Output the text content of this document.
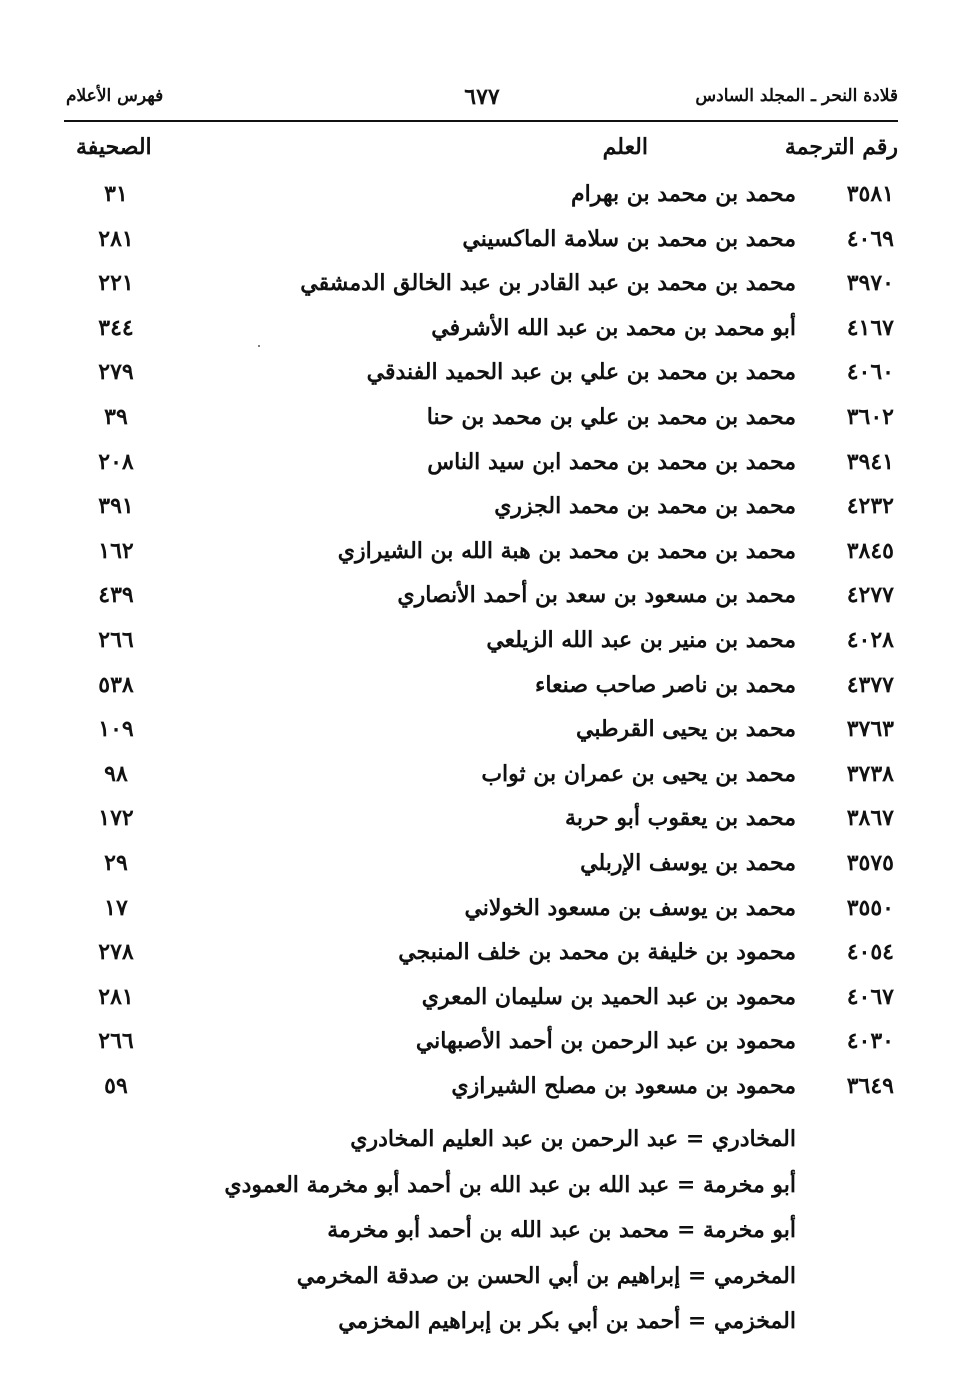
قلادة النحر ـ المجلد السادس
٦٧٧
فهرس الأعلام
رقم الترجمة
العلم
الصحيفة
٣٥٨١
محمد بن محمد بن بهرام
٣١
٤٠٦٩
محمد بن محمد بن سلامة الماكسيني
٢٨١
٣٩٧٠
محمد بن محمد بن عبد القادر بن عبد الخالق الدمشقي
٢٢١
٤١٦٧
أبو محمد بن محمد بن عبد الله الأشرفي
٣٤٤
٤٠٦٠
محمد بن محمد بن علي بن عبد الحميد الفندقي
٢٧٩
٣٦٠٢
محمد بن محمد بن علي بن محمد بن حنا
٣٩
٣٩٤١
محمد بن محمد بن محمد ابن سيد الناس
٢٠٨
٤٢٣٢
محمد بن محمد بن محمد الجزري
٣٩١
٣٨٤٥
محمد بن محمد بن محمد بن هبة الله بن الشيرازي
١٦٢
٤٢٧٧
محمد بن مسعود بن سعد بن أحمد الأنصاري
٤٣٩
٤٠٢٨
محمد بن منير بن عبد الله الزيلعي
٢٦٦
٤٣٧٧
محمد بن ناصر صاحب صنعاء
٥٣٨
٣٧٦٣
محمد بن يحيى القرطبي
١٠٩
٣٧٣٨
محمد بن يحيى بن عمران بن ثواب
٩٨
٣٨٦٧
محمد بن يعقوب أبو حربة
١٧٢
٣٥٧٥
محمد بن يوسف الإربلي
٢٩
٣٥٥٠
محمد بن يوسف بن مسعود الخولاني
١٧
٤٠٥٤
محمود بن خليفة بن محمد بن خلف المنبجي
٢٧٨
٤٠٦٧
محمود بن عبد الحميد بن سليمان المعري
٢٨١
٤٠٣٠
محمود بن عبد الرحمن بن أحمد الأصبهاني
٢٦٦
٣٦٤٩
محمود بن مسعود بن مصلح الشيرازي
٥٩
المخادري = عبد الرحمن بن عبد العليم المخادري
أبو مخرمة = عبد الله بن عبد الله بن أحمد أبو مخرمة العمودي
أبو مخرمة = محمد بن عبد الله بن أحمد أبو مخرمة
المخرمي = إبراهيم بن أبي الحسن بن صدقة المخرمي
المخزمي = أحمد بن أبي بكر بن إبراهيم المخزمي
